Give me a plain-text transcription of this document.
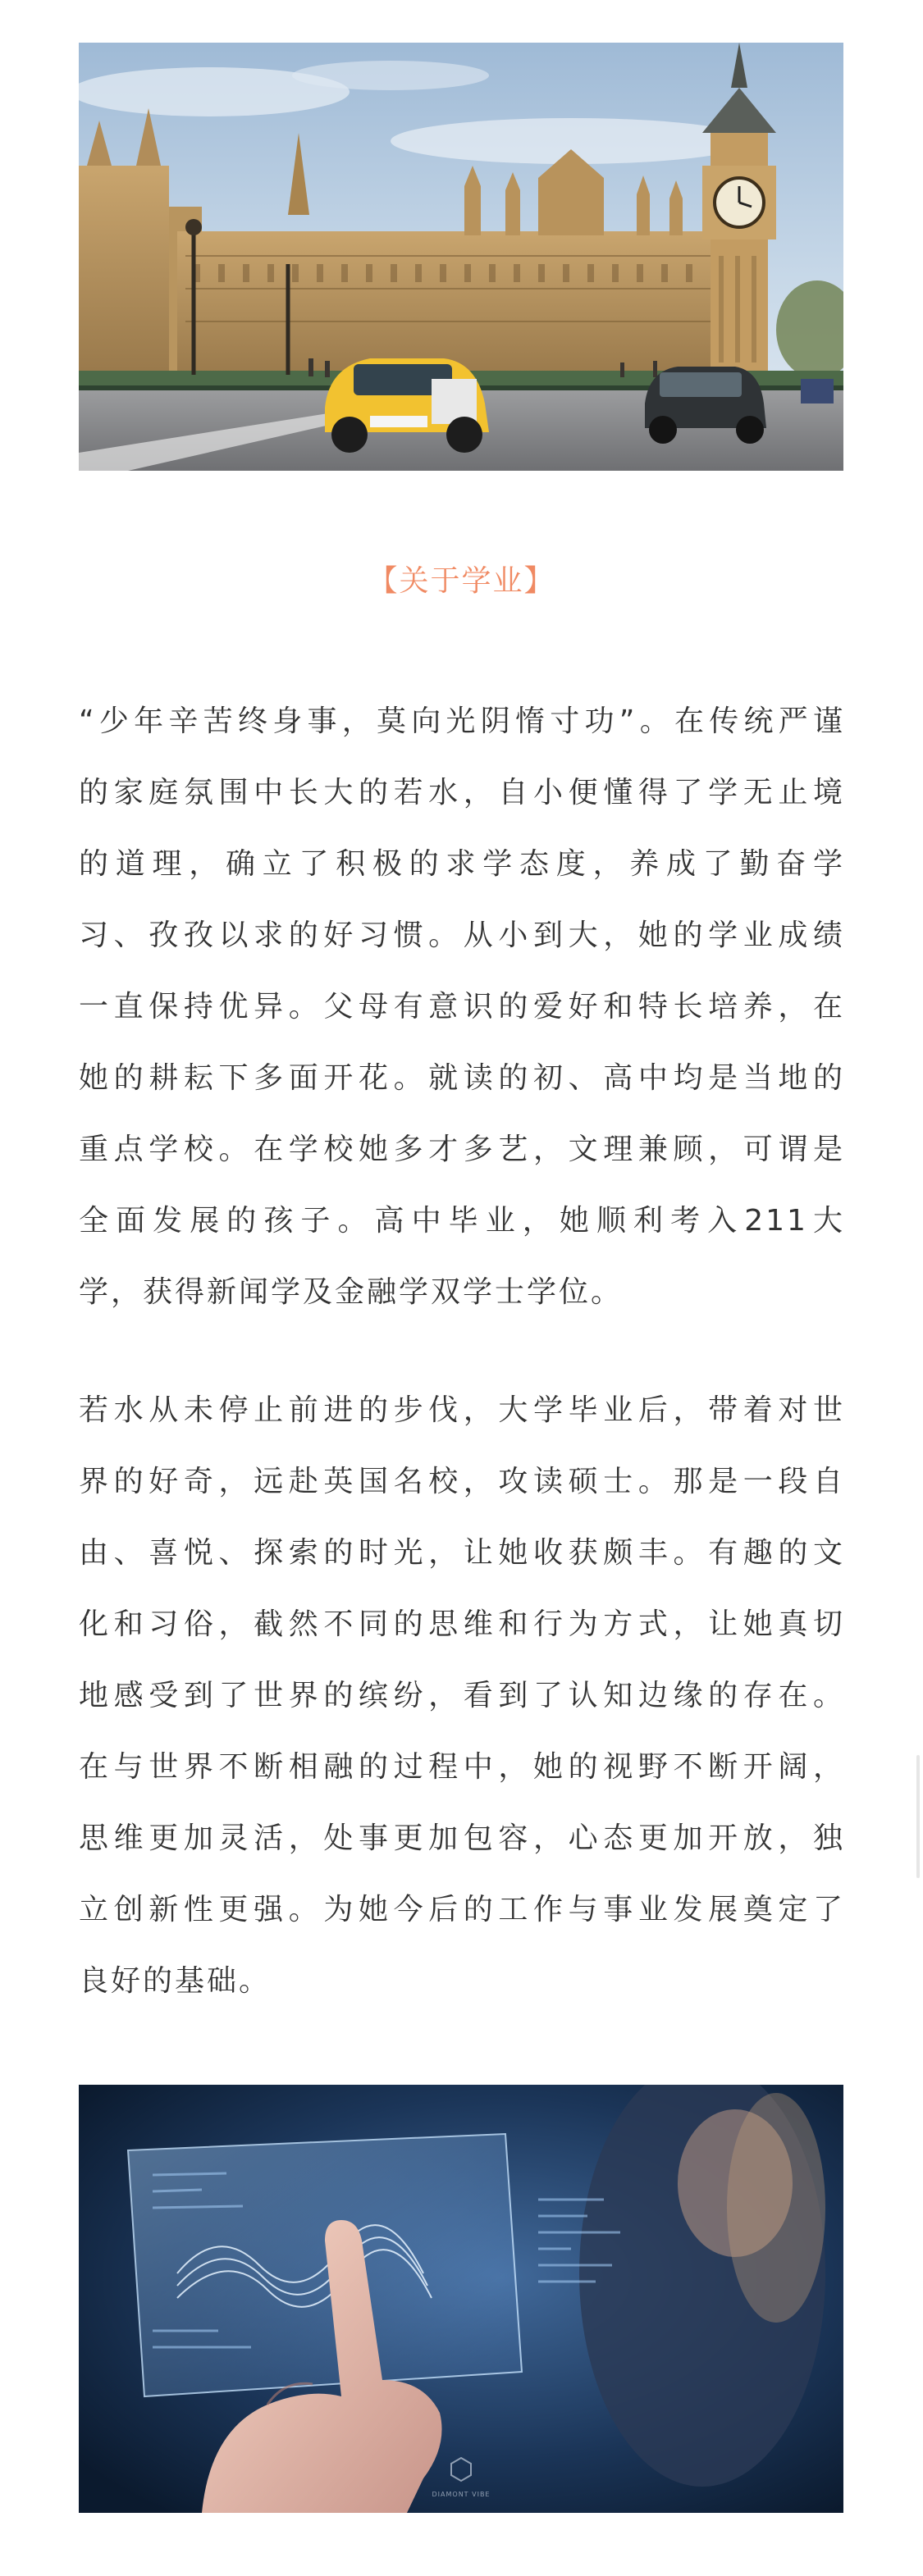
【关于学业】
“少年辛苦终身事，莫向光阴惰寸功”。在传统严谨
的家庭氛围中长大的若水，自小便懂得了学无止境
的道理，确立了积极的求学态度，养成了勤奋学
习、孜孜以求的好习惯。从小到大，她的学业成绩
一直保持优异。父母有意识的爱好和特长培养，在
她的耕耘下多面开花。就读的初、高中均是当地的
重点学校。在学校她多才多艺，文理兼顾，可谓是
全面发展的孩子。高中毕业，她顺利考入211大
学，获得新闻学及金融学双学士学位。
若水从未停止前进的步伐，大学毕业后，带着对世
界的好奇，远赴英国名校，攻读硕士。那是一段自
由、喜悦、探索的时光，让她收获颇丰。有趣的文
化和习俗，截然不同的思维和行为方式，让她真切
地感受到了世界的缤纷，看到了认知边缘的存在。
在与世界不断相融的过程中，她的视野不断开阔，
思维更加灵活，处事更加包容，心态更加开放，独
立创新性更强。为她今后的工作与事业发展奠定了
良好的基础。
DIAMONT VIBE
